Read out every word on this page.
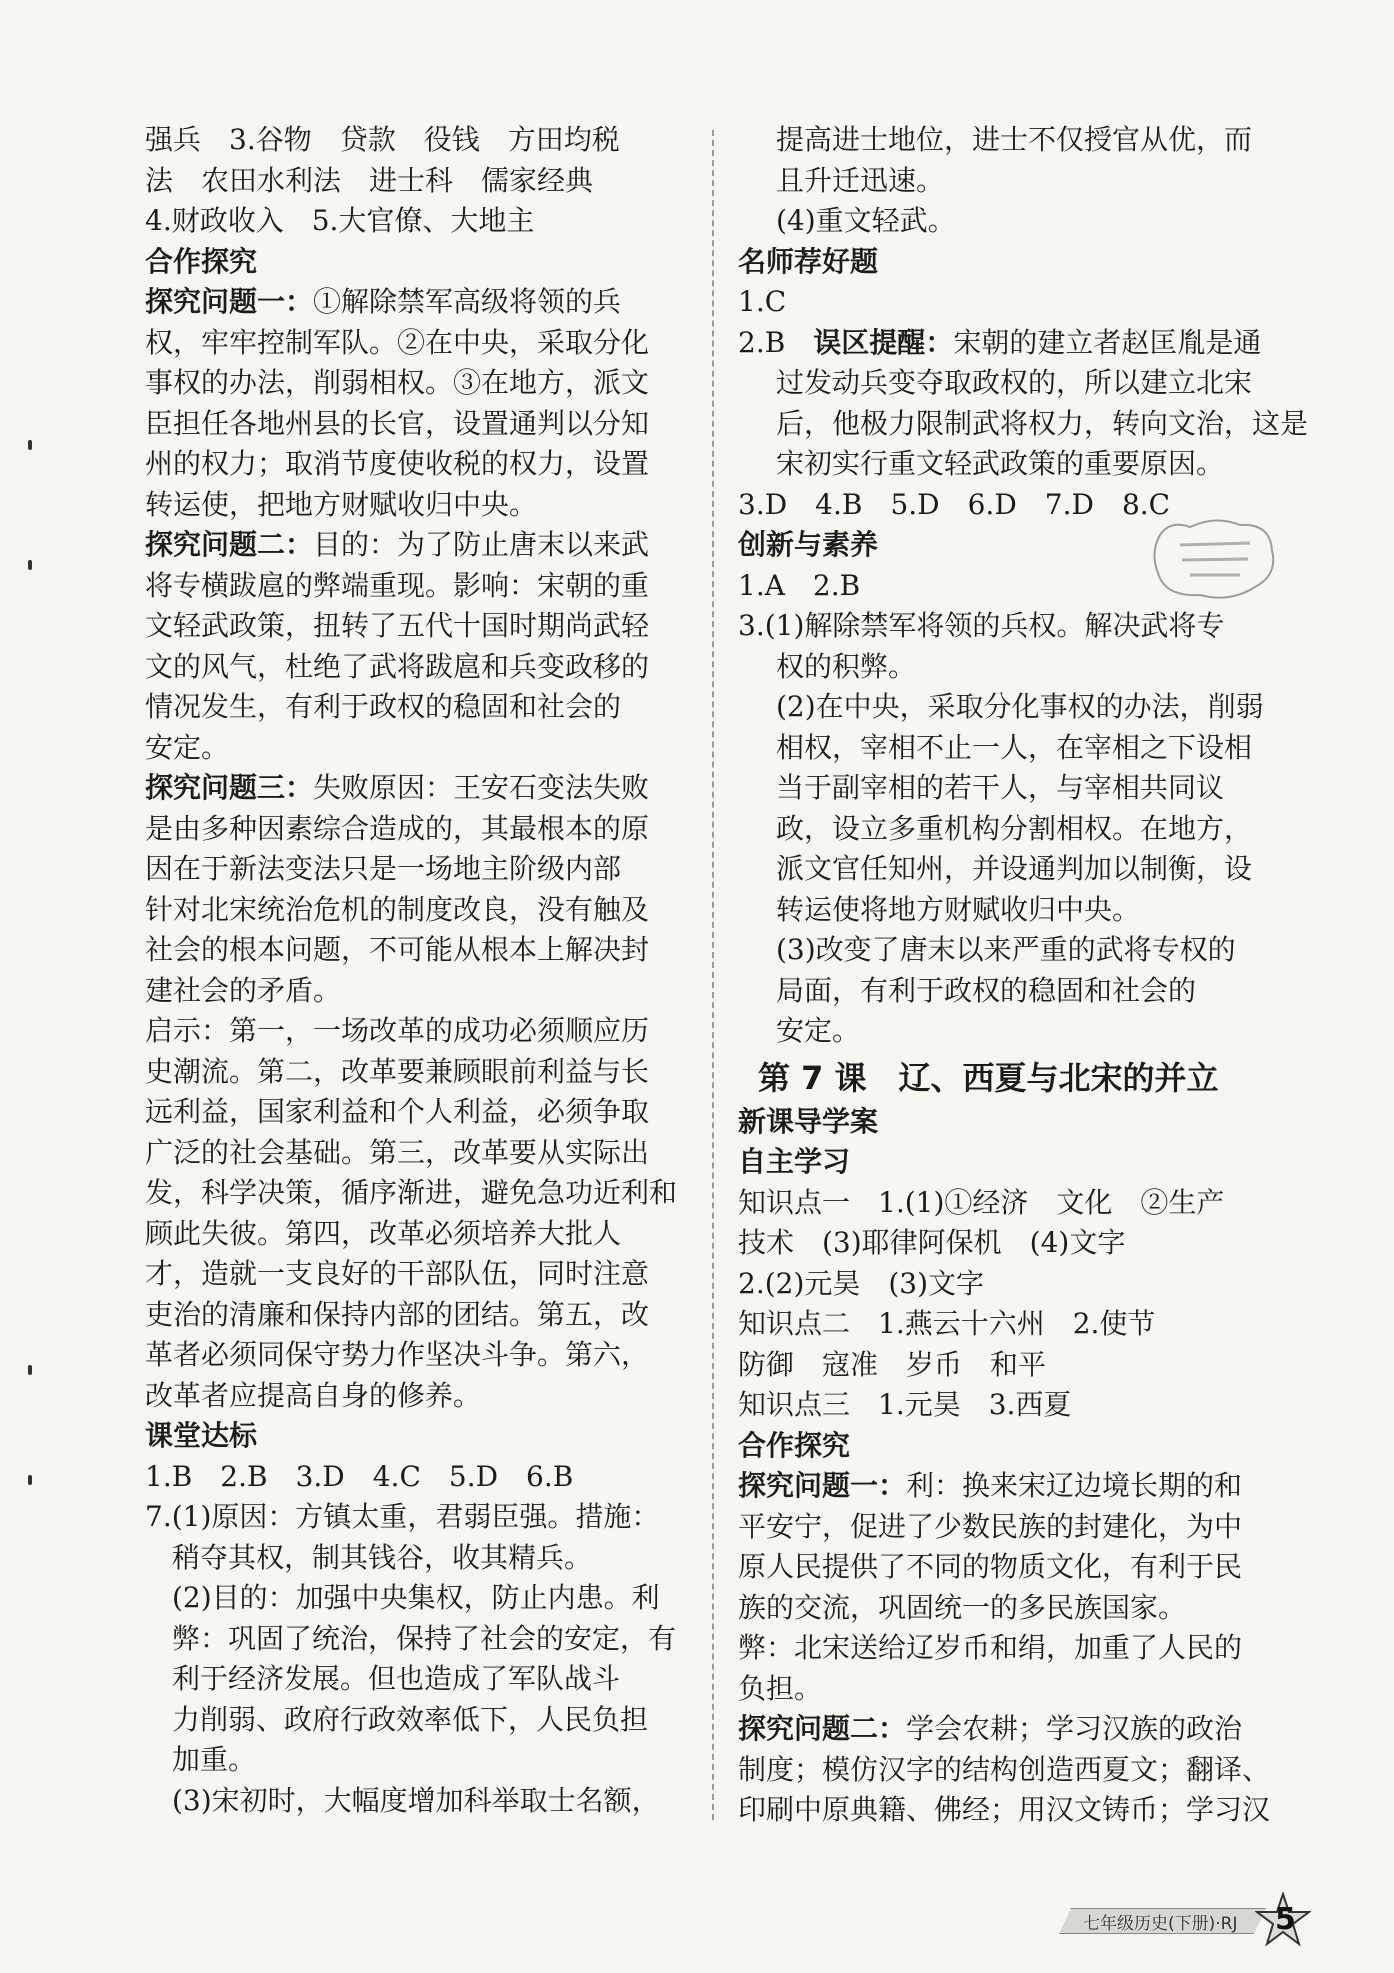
强兵　3.谷物　贷款　役钱　方田均税

法　农田水利法　进士科　儒家经典

4.财政收入　5.大官僚、大地主

合作探究

探究问题一：①解除禁军高级将领的兵

权，牢牢控制军队。②在中央，采取分化

事权的办法，削弱相权。③在地方，派文

臣担任各地州县的长官，设置通判以分知

州的权力；取消节度使收税的权力，设置

转运使，把地方财赋收归中央。

探究问题二：目的：为了防止唐末以来武

将专横跋扈的弊端重现。影响：宋朝的重

文轻武政策，扭转了五代十国时期尚武轻

文的风气，杜绝了武将跋扈和兵变政移的

情况发生，有利于政权的稳固和社会的

安定。

探究问题三：失败原因：王安石变法失败

是由多种因素综合造成的，其最根本的原

因在于新法变法只是一场地主阶级内部

针对北宋统治危机的制度改良，没有触及

社会的根本问题，不可能从根本上解决封

建社会的矛盾。

启示：第一，一场改革的成功必须顺应历

史潮流。第二，改革要兼顾眼前利益与长

远利益，国家利益和个人利益，必须争取

广泛的社会基础。第三，改革要从实际出

发，科学决策，循序渐进，避免急功近利和

顾此失彼。第四，改革必须培养大批人

才，造就一支良好的干部队伍，同时注意

吏治的清廉和保持内部的团结。第五，改

革者必须同保守势力作坚决斗争。第六，

改革者应提高自身的修养。

课堂达标

1.B　2.B　3.D　4.C　5.D　6.B

7.(1)原因：方镇太重，君弱臣强。措施：

稍夺其权，制其钱谷，收其精兵。

(2)目的：加强中央集权，防止内患。利

弊：巩固了统治，保持了社会的安定，有

利于经济发展。但也造成了军队战斗

力削弱、政府行政效率低下，人民负担

加重。

(3)宋初时，大幅度增加科举取士名额，

提高进士地位，进士不仅授官从优，而

且升迁迅速。

(4)重文轻武。

名师荐好题

1.C

2.B　误区提醒：宋朝的建立者赵匡胤是通

过发动兵变夺取政权的，所以建立北宋

后，他极力限制武将权力，转向文治，这是

宋初实行重文轻武政策的重要原因。

3.D　4.B　5.D　6.D　7.D　8.C

创新与素养

1.A　2.B

3.(1)解除禁军将领的兵权。解决武将专

权的积弊。

(2)在中央，采取分化事权的办法，削弱

相权，宰相不止一人，在宰相之下设相

当于副宰相的若干人，与宰相共同议

政，设立多重机构分割相权。在地方，

派文官任知州，并设通判加以制衡，设

转运使将地方财赋收归中央。

(3)改变了唐末以来严重的武将专权的

局面，有利于政权的稳固和社会的

安定。

第 7 课　辽、西夏与北宋的并立

新课导学案

自主学习

知识点一　1.(1)①经济　文化　②生产

技术　(3)耶律阿保机　(4)文字

2.(2)元昊　(3)文字

知识点二　1.燕云十六州　2.使节

防御　寇准　岁币　和平

知识点三　1.元昊　3.西夏

合作探究

探究问题一：利：换来宋辽边境长期的和

平安宁，促进了少数民族的封建化，为中

原人民提供了不同的物质文化，有利于民

族的交流，巩固统一的多民族国家。

弊：北宋送给辽岁币和绢，加重了人民的

负担。

探究问题二：学会农耕；学习汉族的政治

制度；模仿汉字的结构创造西夏文；翻译、

印刷中原典籍、佛经；用汉文铸币；学习汉

七年级历史(下册)·RJ 5
